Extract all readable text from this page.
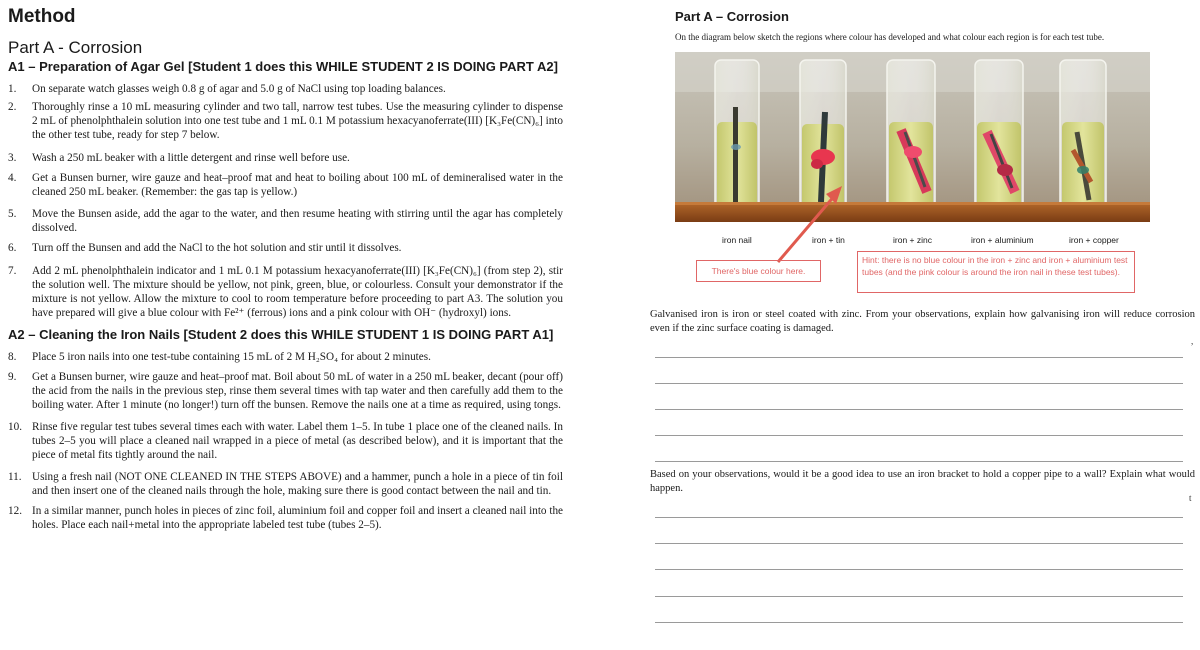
Method
Part A - Corrosion
A1 – Preparation of Agar Gel [Student 1 does this WHILE STUDENT 2 IS DOING PART A2]
1.	On separate watch glasses weigh 0.8 g of agar and 5.0 g of NaCl using top loading balances.
2.	Thoroughly rinse a 10 mL measuring cylinder and two tall, narrow test tubes. Use the measuring cylinder to dispense 2 mL of phenolphthalein solution into one test tube and 1 mL 0.1 M potassium hexacyanoferrate(III) [K₃Fe(CN)₆] into the other test tube, ready for step 7 below.
3.	Wash a 250 mL beaker with a little detergent and rinse well before use.
4.	Get a Bunsen burner, wire gauze and heat–proof mat and heat to boiling about 100 mL of demineralised water in the cleaned 250 mL beaker. (Remember: the gas tap is yellow.)
5.	Move the Bunsen aside, add the agar to the water, and then resume heating with stirring until the agar has completely dissolved.
6.	Turn off the Bunsen and add the NaCl to the hot solution and stir until it dissolves.
7.	Add 2 mL phenolphthalein indicator and 1 mL 0.1 M potassium hexacyanoferrate(III) [K₃Fe(CN)₆] (from step 2), stir the solution well. The mixture should be yellow, not pink, green, blue, or colourless. Consult your demonstrator if the mixture is not yellow. Allow the mixture to cool to room temperature before proceeding to part A3. The solution you have prepared will give a blue colour with Fe²⁺ (ferrous) ions and a pink colour with OH⁻ (hydroxyl) ions.
A2 – Cleaning the Iron Nails [Student 2 does this WHILE STUDENT 1 IS DOING PART A1]
8.	Place 5 iron nails into one test-tube containing 15 mL of 2 M H₂SO₄ for about 2 minutes.
9.	Get a Bunsen burner, wire gauze and heat–proof mat. Boil about 50 mL of water in a 250 mL beaker, decant (pour off) the acid from the nails in the previous step, rinse them several times with tap water and then carefully add them to the boiling water. After 1 minute (no longer!) turn off the bunsen. Remove the nails one at a time as required, using tongs.
10. Rinse five regular test tubes several times each with water. Label them 1–5. In tube 1 place one of the cleaned nails. In tubes 2–5 you will place a cleaned nail wrapped in a piece of metal (as described below), and it is important that the piece of metal fits tightly around the nail.
11. Using a fresh nail (NOT ONE CLEANED IN THE STEPS ABOVE) and a hammer, punch a hole in a piece of tin foil and then insert one of the cleaned nails through the hole, making sure there is good contact between the nail and tin.
12. In a similar manner, punch holes in pieces of zinc foil, aluminium foil and copper foil and insert a cleaned nail into the holes. Place each nail+metal into the appropriate labeled test tube (tubes 2–5).
Part A – Corrosion
On the diagram below sketch the regions where colour has developed and what colour each region is for each test tube.
iron nail	iron + tin	iron + zinc	iron + aluminium	iron + copper
There's blue colour here.
Hint: there is no blue colour in the iron + zinc and iron + aluminium test tubes (and the pink colour is around the iron nail in these test tubes).
Galvanised iron is iron or steel coated with zinc. From your observations, explain how galvanising iron will reduce corrosion even if the zinc surface coating is damaged.
,
Based on your observations, would it be a good idea to use an iron bracket to hold a copper pipe to a wall? Explain what would happen.
t
